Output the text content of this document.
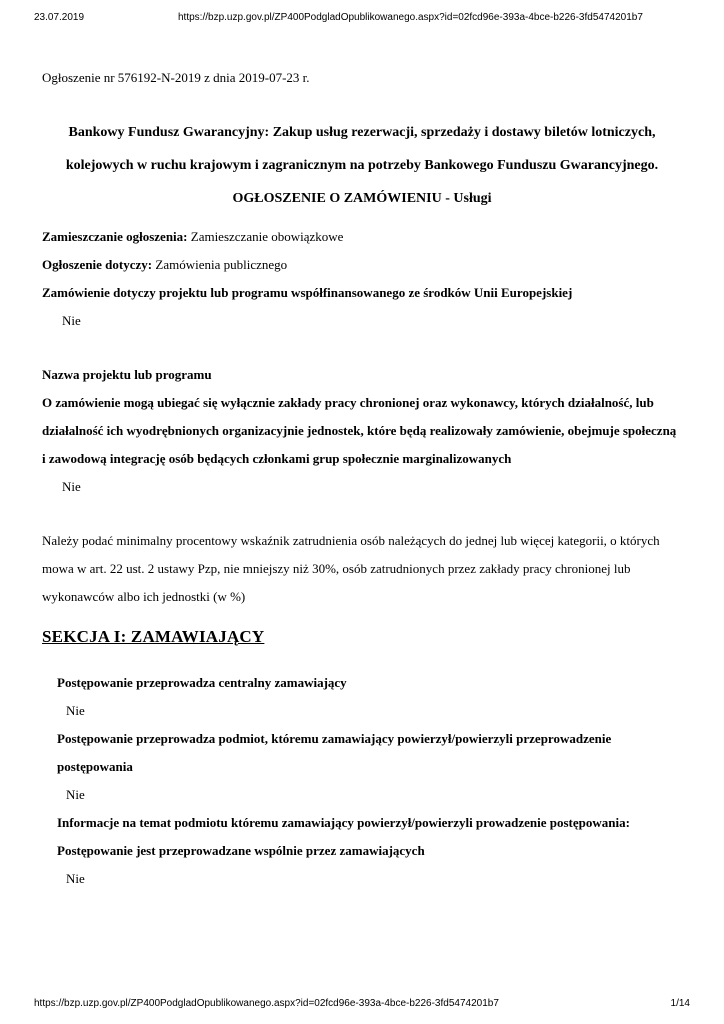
23.07.2019	https://bzp.uzp.gov.pl/ZP400PodgladOpublikowanego.aspx?id=02fcd96e-393a-4bce-b226-3fd5474201b7
Ogłoszenie nr 576192-N-2019 z dnia 2019-07-23 r.
Bankowy Fundusz Gwarancyjny: Zakup usług rezerwacji, sprzedaży i dostawy biletów lotniczych, kolejowych w ruchu krajowym i zagranicznym na potrzeby Bankowego Funduszu Gwarancyjnego.
OGŁOSZENIE O ZAMÓWIENIU - Usługi
Zamieszczanie ogłoszenia: Zamieszczanie obowiązkowe
Ogłoszenie dotyczy: Zamówienia publicznego
Zamówienie dotyczy projektu lub programu współfinansowanego ze środków Unii Europejskiej
Nie
Nazwa projektu lub programu
O zamówienie mogą ubiegać się wyłącznie zakłady pracy chronionej oraz wykonawcy, których działalność, lub działalność ich wyodrębnionych organizacyjnie jednostek, które będą realizowały zamówienie, obejmuje społeczną i zawodową integrację osób będących członkami grup społecznie marginalizowanych
Nie
Należy podać minimalny procentowy wskaźnik zatrudnienia osób należących do jednej lub więcej kategorii, o których mowa w art. 22 ust. 2 ustawy Pzp, nie mniejszy niż 30%, osób zatrudnionych przez zakłady pracy chronionej lub wykonawców albo ich jednostki (w %)
SEKCJA I: ZAMAWIAJĄCY
Postępowanie przeprowadza centralny zamawiający
Nie
Postępowanie przeprowadza podmiot, któremu zamawiający powierzył/powierzyli przeprowadzenie postępowania
Nie
Informacje na temat podmiotu któremu zamawiający powierzył/powierzyli prowadzenie postępowania:
Postępowanie jest przeprowadzane wspólnie przez zamawiających
Nie
https://bzp.uzp.gov.pl/ZP400PodgladOpublikowanego.aspx?id=02fcd96e-393a-4bce-b226-3fd5474201b7	1/14
